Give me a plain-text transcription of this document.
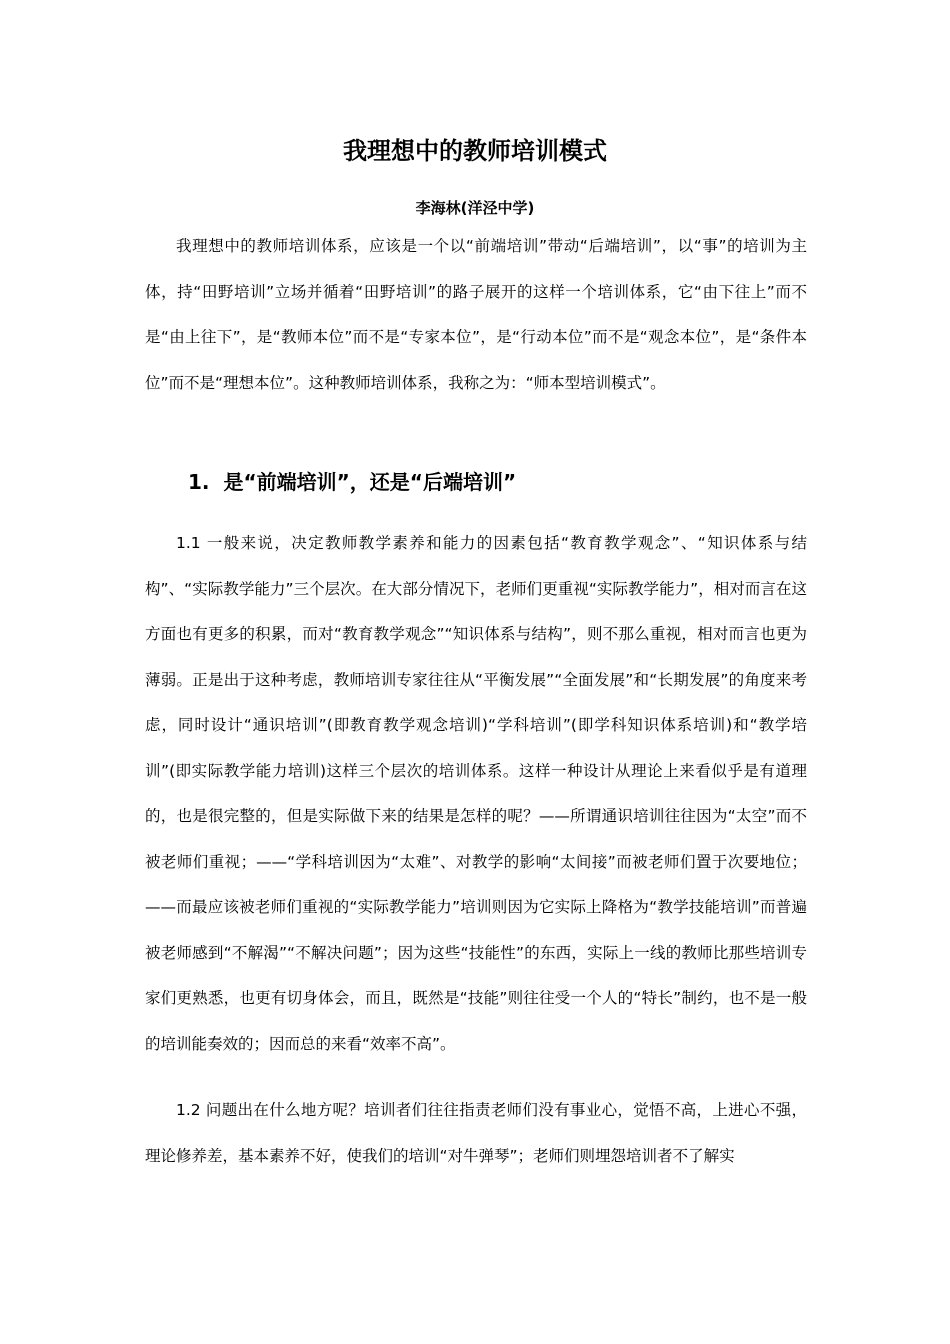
我理想中的教师培训模式
李海林(洋泾中学)

我理想中的教师培训体系，应该是一个以“前端培训”带动“后端培训”，以“事”的培训为主体，持“田野培训”立场并循着“田野培训”的路子展开的这样一个培训体系，它“由下往上”而不是“由上往下”，是“教师本位”而不是“专家本位”，是“行动本位”而不是“观念本位”，是“条件本位”而不是“理想本位”。这种教师培训体系，我称之为：“师本型培训模式”。

1. 是“前端培训”，还是“后端培训”

1.1 一般来说，决定教师教学素养和能力的因素包括“教育教学观念”、“知识体系与结构”、“实际教学能力”三个层次。在大部分情况下，老师们更重视“实际教学能力”，相对而言在这方面也有更多的积累，而对“教育教学观念”“知识体系与结构”，则不那么重视，相对而言也更为薄弱。正是出于这种考虑，教师培训专家往往从“平衡发展”“全面发展”和“长期发展”的角度来考虑，同时设计“通识培训”(即教育教学观念培训)“学科培训”(即学科知识体系培训)和“教学培训”(即实际教学能力培训)这样三个层次的培训体系。这样一种设计从理论上来看似乎是有道理的，也是很完整的，但是实际做下来的结果是怎样的呢？——所谓通识培训往往因为“太空”而不被老师们重视；——“学科培训因为“太难”、对教学的影响“太间接”而被老师们置于次要地位；——而最应该被老师们重视的“实际教学能力”培训则因为它实际上降格为“教学技能培训”而普遍被老师感到“不解渴”“不解决问题”；因为这些“技能性”的东西，实际上一线的教师比那些培训专家们更熟悉，也更有切身体会，而且，既然是“技能”则往往受一个人的“特长”制约，也不是一般的培训能奏效的；因而总的来看“效率不高”。

1.2 问题出在什么地方呢？培训者们往往指责老师们没有事业心，觉悟不高，上进心不强，理论修养差，基本素养不好，使我们的培训“对牛弹琴”；老师们则埋怨培训者不了解实
